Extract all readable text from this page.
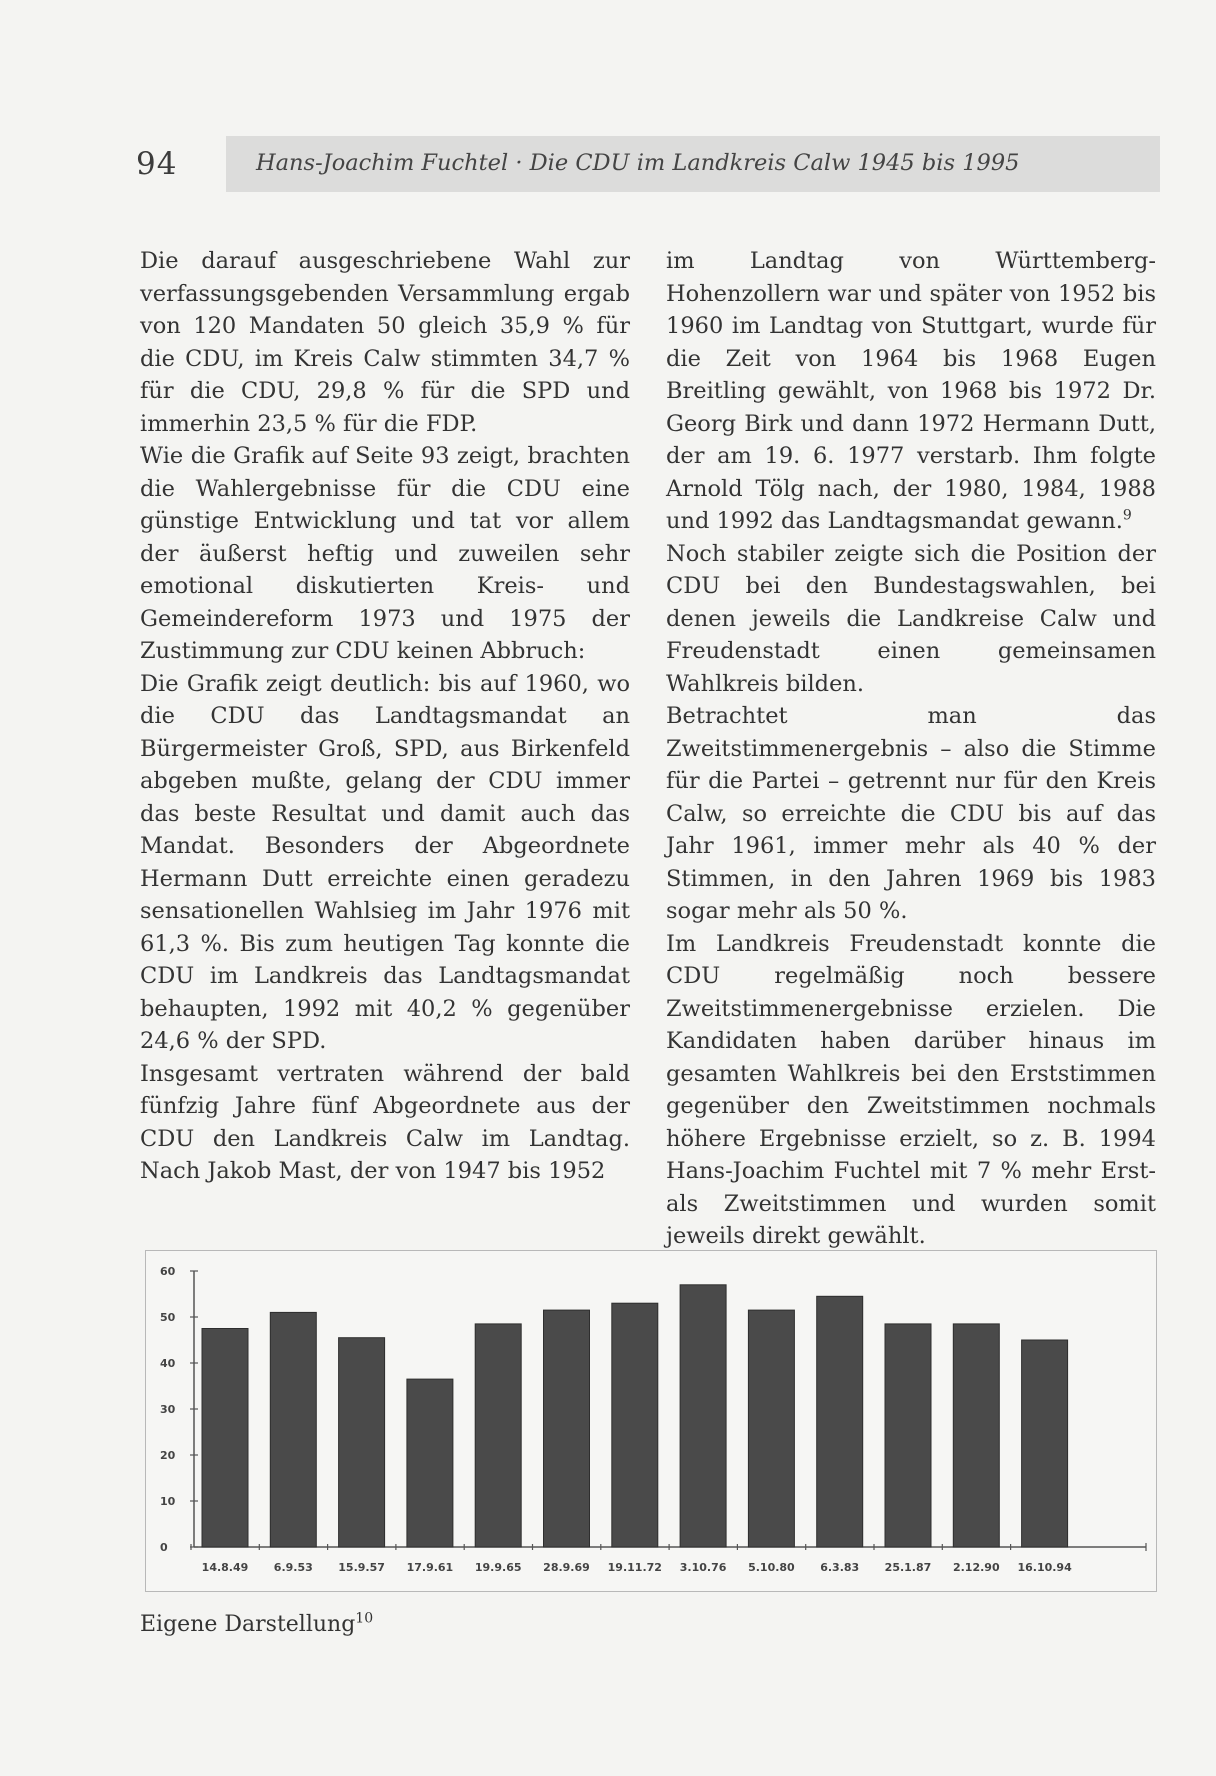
94	Hans-Joachim Fuchtel · Die CDU im Landkreis Calw 1945 bis 1995

Die darauf ausgeschriebene Wahl zur verfassungsgebenden Versammlung ergab von 120 Mandaten 50 gleich 35,9 % für die CDU, im Kreis Calw stimmten 34,7 % für die CDU, 29,8 % für die SPD und immerhin 23,5 % für die FDP.

Wie die Grafik auf Seite 93 zeigt, brachten die Wahlergebnisse für die CDU eine günstige Entwicklung und tat vor allem der äußerst heftig und zuweilen sehr emotional diskutierten Kreis- und Gemeindereform 1973 und 1975 der Zustimmung zur CDU keinen Abbruch:

Die Grafik zeigt deutlich: bis auf 1960, wo die CDU das Landtagsmandat an Bürgermeister Groß, SPD, aus Birkenfeld abgeben mußte, gelang der CDU immer das beste Resultat und damit auch das Mandat. Besonders der Abgeordnete Hermann Dutt erreichte einen geradezu sensationellen Wahlsieg im Jahr 1976 mit 61,3 %. Bis zum heutigen Tag konnte die CDU im Landkreis das Landtagsmandat behaupten, 1992 mit 40,2 % gegenüber 24,6 % der SPD.

Insgesamt vertraten während der bald fünfzig Jahre fünf Abgeordnete aus der CDU den Landkreis Calw im Landtag. Nach Jakob Mast, der von 1947 bis 1952

im Landtag von Württemberg-Hohenzollern war und später von 1952 bis 1960 im Landtag von Stuttgart, wurde für die Zeit von 1964 bis 1968 Eugen Breitling gewählt, von 1968 bis 1972 Dr. Georg Birk und dann 1972 Hermann Dutt, der am 19. 6. 1977 verstarb. Ihm folgte Arnold Tölg nach, der 1980, 1984, 1988 und 1992 das Landtagsmandat gewann.$^9$

Noch stabiler zeigte sich die Position der CDU bei den Bundestagswahlen, bei denen jeweils die Landkreise Calw und Freudenstadt einen gemeinsamen Wahlkreis bilden.

Betrachtet man das Zweitstimmenergebnis – also die Stimme für die Partei – getrennt nur für den Kreis Calw, so erreichte die CDU bis auf das Jahr 1961, immer mehr als 40 % der Stimmen, in den Jahren 1969 bis 1983 sogar mehr als 50 %.

Im Landkreis Freudenstadt konnte die CDU regelmäßig noch bessere Zweitstimmenergebnisse erzielen. Die Kandidaten haben darüber hinaus im gesamten Wahlkreis bei den Erststimmen gegenüber den Zweitstimmen nochmals höhere Ergebnisse erzielt, so z. B. 1994 Hans-Joachim Fuchtel mit 7 % mehr Erst- als Zweitstimmen und wurden somit jeweils direkt gewählt.

0
10
20
30
40
50
60
14.8.49 6.9.53 15.9.57 17.9.61 19.9.65 28.9.69 19.11.72 3.10.76 5.10.80 6.3.83 25.1.87 2.12.90 16.10.94
Eigene Darstellung$^{10}$
